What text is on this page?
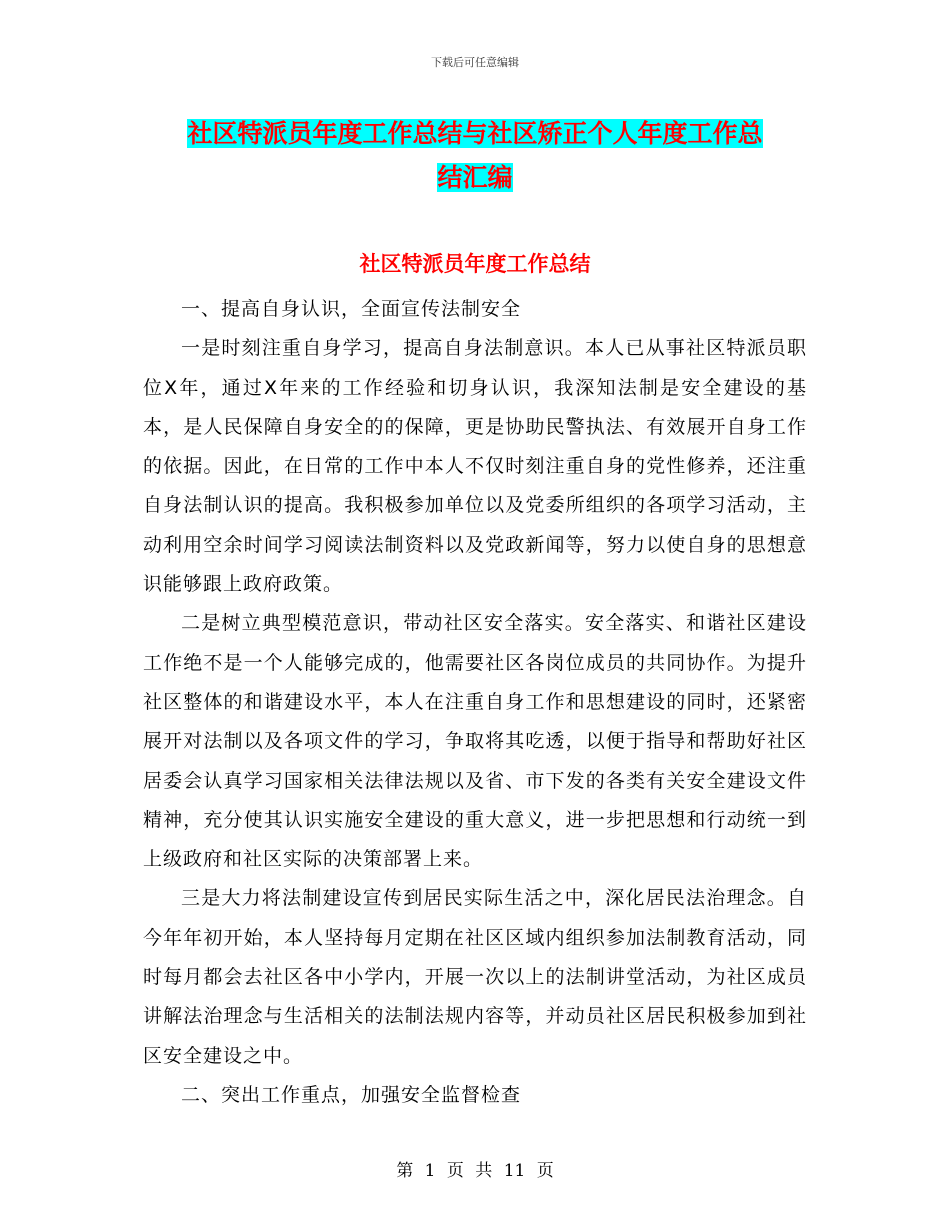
下载后可任意编辑
社区特派员年度工作总结与社区矫正个人年度工作总
结汇编
社区特派员年度工作总结

一、提高自身认识，全面宣传法制安全

一是时刻注重自身学习，提高自身法制意识。本人已从事社区特派员职位X年，通过X年来的工作经验和切身认识，我深知法制是安全建设的基本，是人民保障自身安全的的保障，更是协助民警执法、有效展开自身工作的依据。因此，在日常的工作中本人不仅时刻注重自身的党性修养，还注重自身法制认识的提高。我积极参加单位以及党委所组织的各项学习活动，主动利用空余时间学习阅读法制资料以及党政新闻等，努力以使自身的思想意识能够跟上政府政策。

二是树立典型模范意识，带动社区安全落实。安全落实、和谐社区建设工作绝不是一个人能够完成的，他需要社区各岗位成员的共同协作。为提升社区整体的和谐建设水平，本人在注重自身工作和思想建设的同时，还紧密展开对法制以及各项文件的学习，争取将其吃透，以便于指导和帮助好社区居委会认真学习国家相关法律法规以及省、市下发的各类有关安全建设文件精神，充分使其认识实施安全建设的重大意义，进一步把思想和行动统一到上级政府和社区实际的决策部署上来。

三是大力将法制建设宣传到居民实际生活之中，深化居民法治理念。自今年年初开始，本人坚持每月定期在社区区域内组织参加法制教育活动，同时每月都会去社区各中小学内，开展一次以上的法制讲堂活动，为社区成员讲解法治理念与生活相关的法制法规内容等，并动员社区居民积极参加到社区安全建设之中。

二、突出工作重点，加强安全监督检查

第 1 页 共 11 页
